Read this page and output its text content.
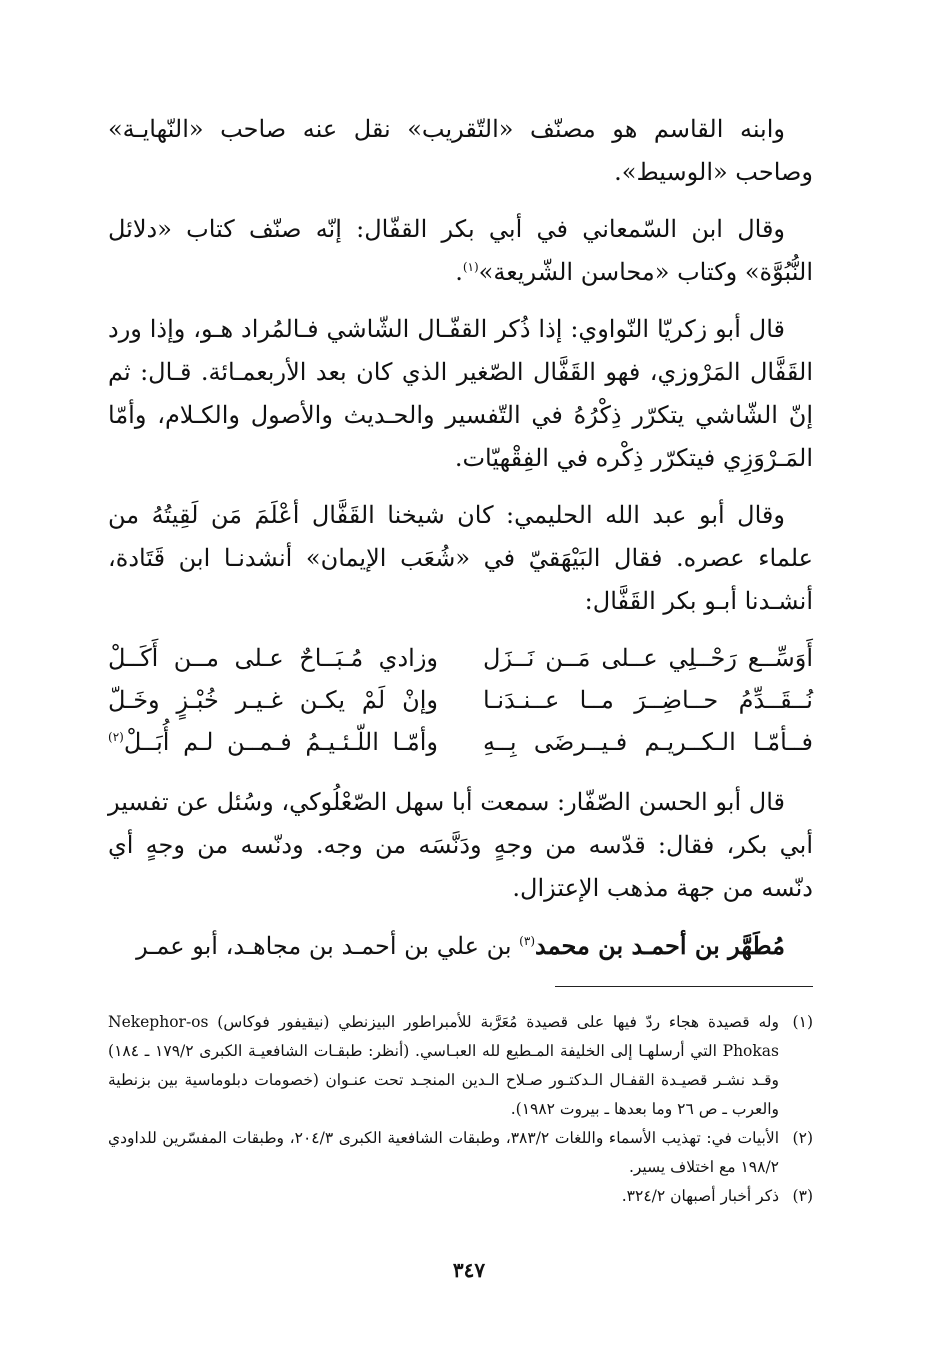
وابنه القاسم هو مصنّف «التّقريب» نقل عنه صاحب «النّهايـة» وصاحب «الوسيط».

وقال ابن السّمعاني في أبي بكر القفّال: إنّه صنّف كتاب «دلائل النُّبُوَّة» وكتاب «محاسن الشّريعة»$^{(١)}$.

قال أبو زكريّا النّواوي: إذا ذُكر القفّـال الشّاشي فـالمُراد هـو، وإذا ورد القَفَّال المَرْوزي، فهو القَفَّال الصّغير الذي كان بعد الأربعمـائة. قـال: ثم إنّ الشّاشي يتكرّر ذِكْرُهُ في التّفسير والحـديث والأصول والكـلام، وأمّا المَـرْوَزِي فيتكرّر ذِكْره في الفِقْهيّات.

وقال أبو عبد الله الحليمي: كان شيخنا القَفَّال أعْلَمَ مَن لَقِيتُهُ من علماء عصره. فقال البَيْهَقيّ في «شُعَب الإيمان» أنشدنـا ابن قَتَادة، أنشـدنا أبـو بكر القَفَّال:

أَوَسِّــع رَحْــلِي عــلى مَــن نَــزَل
وزادي مُـبَــاحٌ عـلى مــن أَكَــلْ
نُــقَــدِّمُ حــاضِــرَ مــا عــنـدَنـا
وإنْ لَمْ يكـن غـيـر خُبْـزٍ وخَـلّ
فــأمّـا الـكــريـم فـيــرضَى بِــهِ
وأمّـا اللّـئـيـمُ فـمــن لـم أُبَــلْ$^{(٢)}$

قال أبو الحسن الصّفّار: سمعت أبا سهل الصّعْلُوكي، وسُئل عن تفسير أبي بكر، فقال: قدّسه من وجهٍ ودَنَّسَه من وجه. ودنّسه من وجهٍ أي دنّسه من جهة مذهب الإعتزال.

مُطَهَّر بن أحمـد بن محمد$^{(٣)}$ بن علي بن أحمـد بن مجاهـد، أبو عمـر

(١)
وله قصيدة هجاء ردّ فيها على قصيدة مُعَرَّبة للأمبراطور البيزنطي (نيقيفور فوكاس) Nekephor-os Phokas التي أرسلهـا إلى الخليفة المـطيع لله العبـاسي. (أنظر: طبقـات الشافعيـة الكبرى ١٧٩/٢ ـ ١٨٤) وقـد نشـر قصيـدة القفـال الـدكتـور صـلاح الـدين المنجـد تحت عنـوان (خصومات دبلوماسية بين بزنطية والعرب ـ ص ٢٦ وما بعدها ـ بيروت ١٩٨٢).
(٢)
الأبيات في: تهذيب الأسماء واللغات ٣٨٣/٢، وطبقات الشافعية الكبرى ٢٠٤/٣، وطبقات المفسّرين للداودي ١٩٨/٢ مع اختلاف يسير.
(٣)
ذكر أخبار أصبهان ٣٢٤/٢.
٣٤٧
